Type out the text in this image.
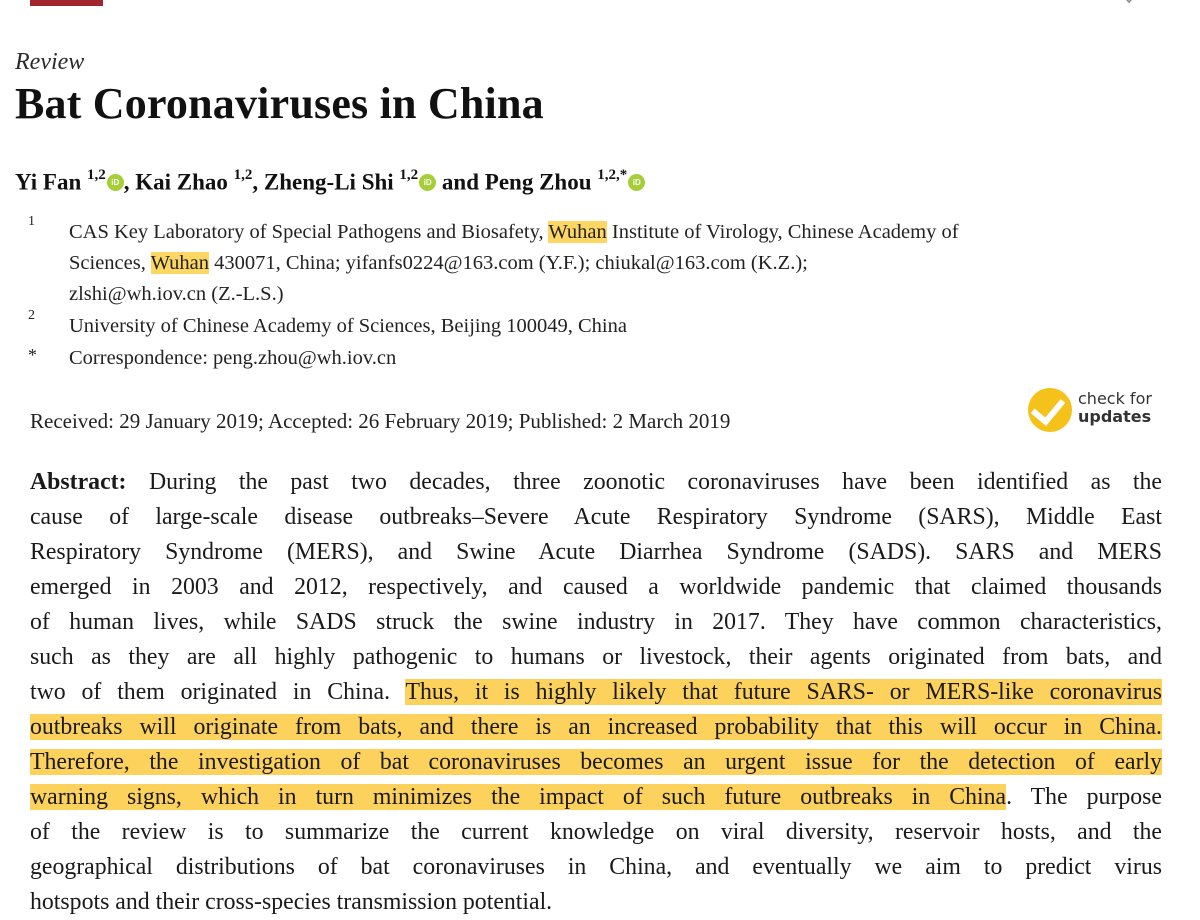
Review
Bat Coronaviruses in China
Yi Fan $^{1,2}$ iD , Kai Zhao $^{1,2}$, Zheng-Li Shi $^{1,2}$ iD and Peng Zhou $^{1,2,*}$ iD
1 CAS Key Laboratory of Special Pathogens and Biosafety, Wuhan Institute of Virology, Chinese Academy of
Sciences, Wuhan 430071, China; yifanfs0224@163.com (Y.F.); chiukal@163.com (K.Z.);
zlshi@wh.iov.cn (Z.-L.S.)
2 University of Chinese Academy of Sciences, Beijing 100049, China
* Correspondence: peng.zhou@wh.iov.cn
Received: 29 January 2019; Accepted: 26 February 2019; Published: 2 March 2019
check for
updates
Abstract: During the past two decades, three zoonotic coronaviruses have been identified as the
cause of large-scale disease outbreaks–Severe Acute Respiratory Syndrome (SARS), Middle East
Respiratory Syndrome (MERS), and Swine Acute Diarrhea Syndrome (SADS). SARS and MERS
emerged in 2003 and 2012, respectively, and caused a worldwide pandemic that claimed thousands
of human lives, while SADS struck the swine industry in 2017. They have common characteristics,
such as they are all highly pathogenic to humans or livestock, their agents originated from bats, and
two of them originated in China. Thus, it is highly likely that future SARS- or MERS-like coronavirus
outbreaks will originate from bats, and there is an increased probability that this will occur in China.
Therefore, the investigation of bat coronaviruses becomes an urgent issue for the detection of early
warning signs, which in turn minimizes the impact of such future outbreaks in China. The purpose
of the review is to summarize the current knowledge on viral diversity, reservoir hosts, and the
geographical distributions of bat coronaviruses in China, and eventually we aim to predict virus
hotspots and their cross-species transmission potential.
